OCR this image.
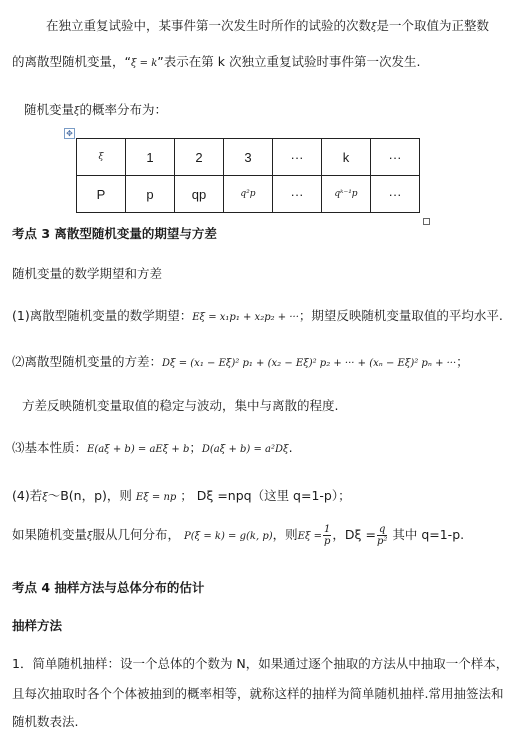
在独立重复试验中，某事件第一次发生时所作的试验的次数ξ是一个取值为正整数
的离散型随机变量，“ξ = k”表示在第 k 次独立重复试验时事件第一次发生.
随机变量ξ的概率分布为：
✥
ξ	1	2	3	···	k	···
P	p	qp	q²p	···	qᵏ⁻¹p	···
考点 3 离散型随机变量的期望与方差
随机变量的数学期望和方差
(1)离散型随机变量的数学期望：Eξ = x₁p₁ + x₂p₂ + ···；期望反映随机变量取值的平均水平.
⑵离散型随机变量的方差：Dξ = (x₁ − Eξ)² p₁ + (x₂ − Eξ)² p₂ + ··· + (xₙ − Eξ)² pₙ + ···；
方差反映随机变量取值的稳定与波动，集中与离散的程度.
⑶基本性质：E(aξ + b) = aEξ + b；D(aξ + b) = a²Dξ.
(4)若ξ～B(n，p)，则 Eξ = np ； Dξ =npq（这里 q=1-p）；
如果随机变量ξ服从几何分布， P(ξ = k) = g(k, p)，则$E\xi = \frac{1}{p}$ ，$D\xi = \frac{q}{\text{p²}}$ 其中 q=1-p.
考点 4 抽样方法与总体分布的估计
抽样方法
1．简单随机抽样：设一个总体的个数为 N，如果通过逐个抽取的方法从中抽取一个样本，
且每次抽取时各个个体被抽到的概率相等，就称这样的抽样为简单随机抽样.常用抽签法和
随机数表法.
